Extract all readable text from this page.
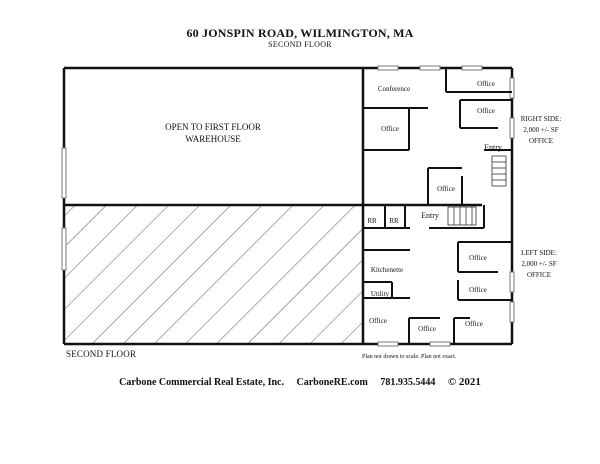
60 JONSPIN ROAD, WILMINGTON, MA
SECOND FLOOR
OPEN TO FIRST FLOOR
WAREHOUSE
Conference
Office
Office
Office
Office
RR RR
Entry
Entry
Kitchenette
Utility
Office
Office
Office
Office
Office
RIGHT SIDE:
2,000 +/- SF
OFFICE
LEFT SIDE:
2,000 +/- SF
OFFICE
SECOND FLOOR	Plan not drawn to scale. Plan not exact.
Carbone Commercial Real Estate, Inc. CarboneRE.com 781.935.5444 © 2021
